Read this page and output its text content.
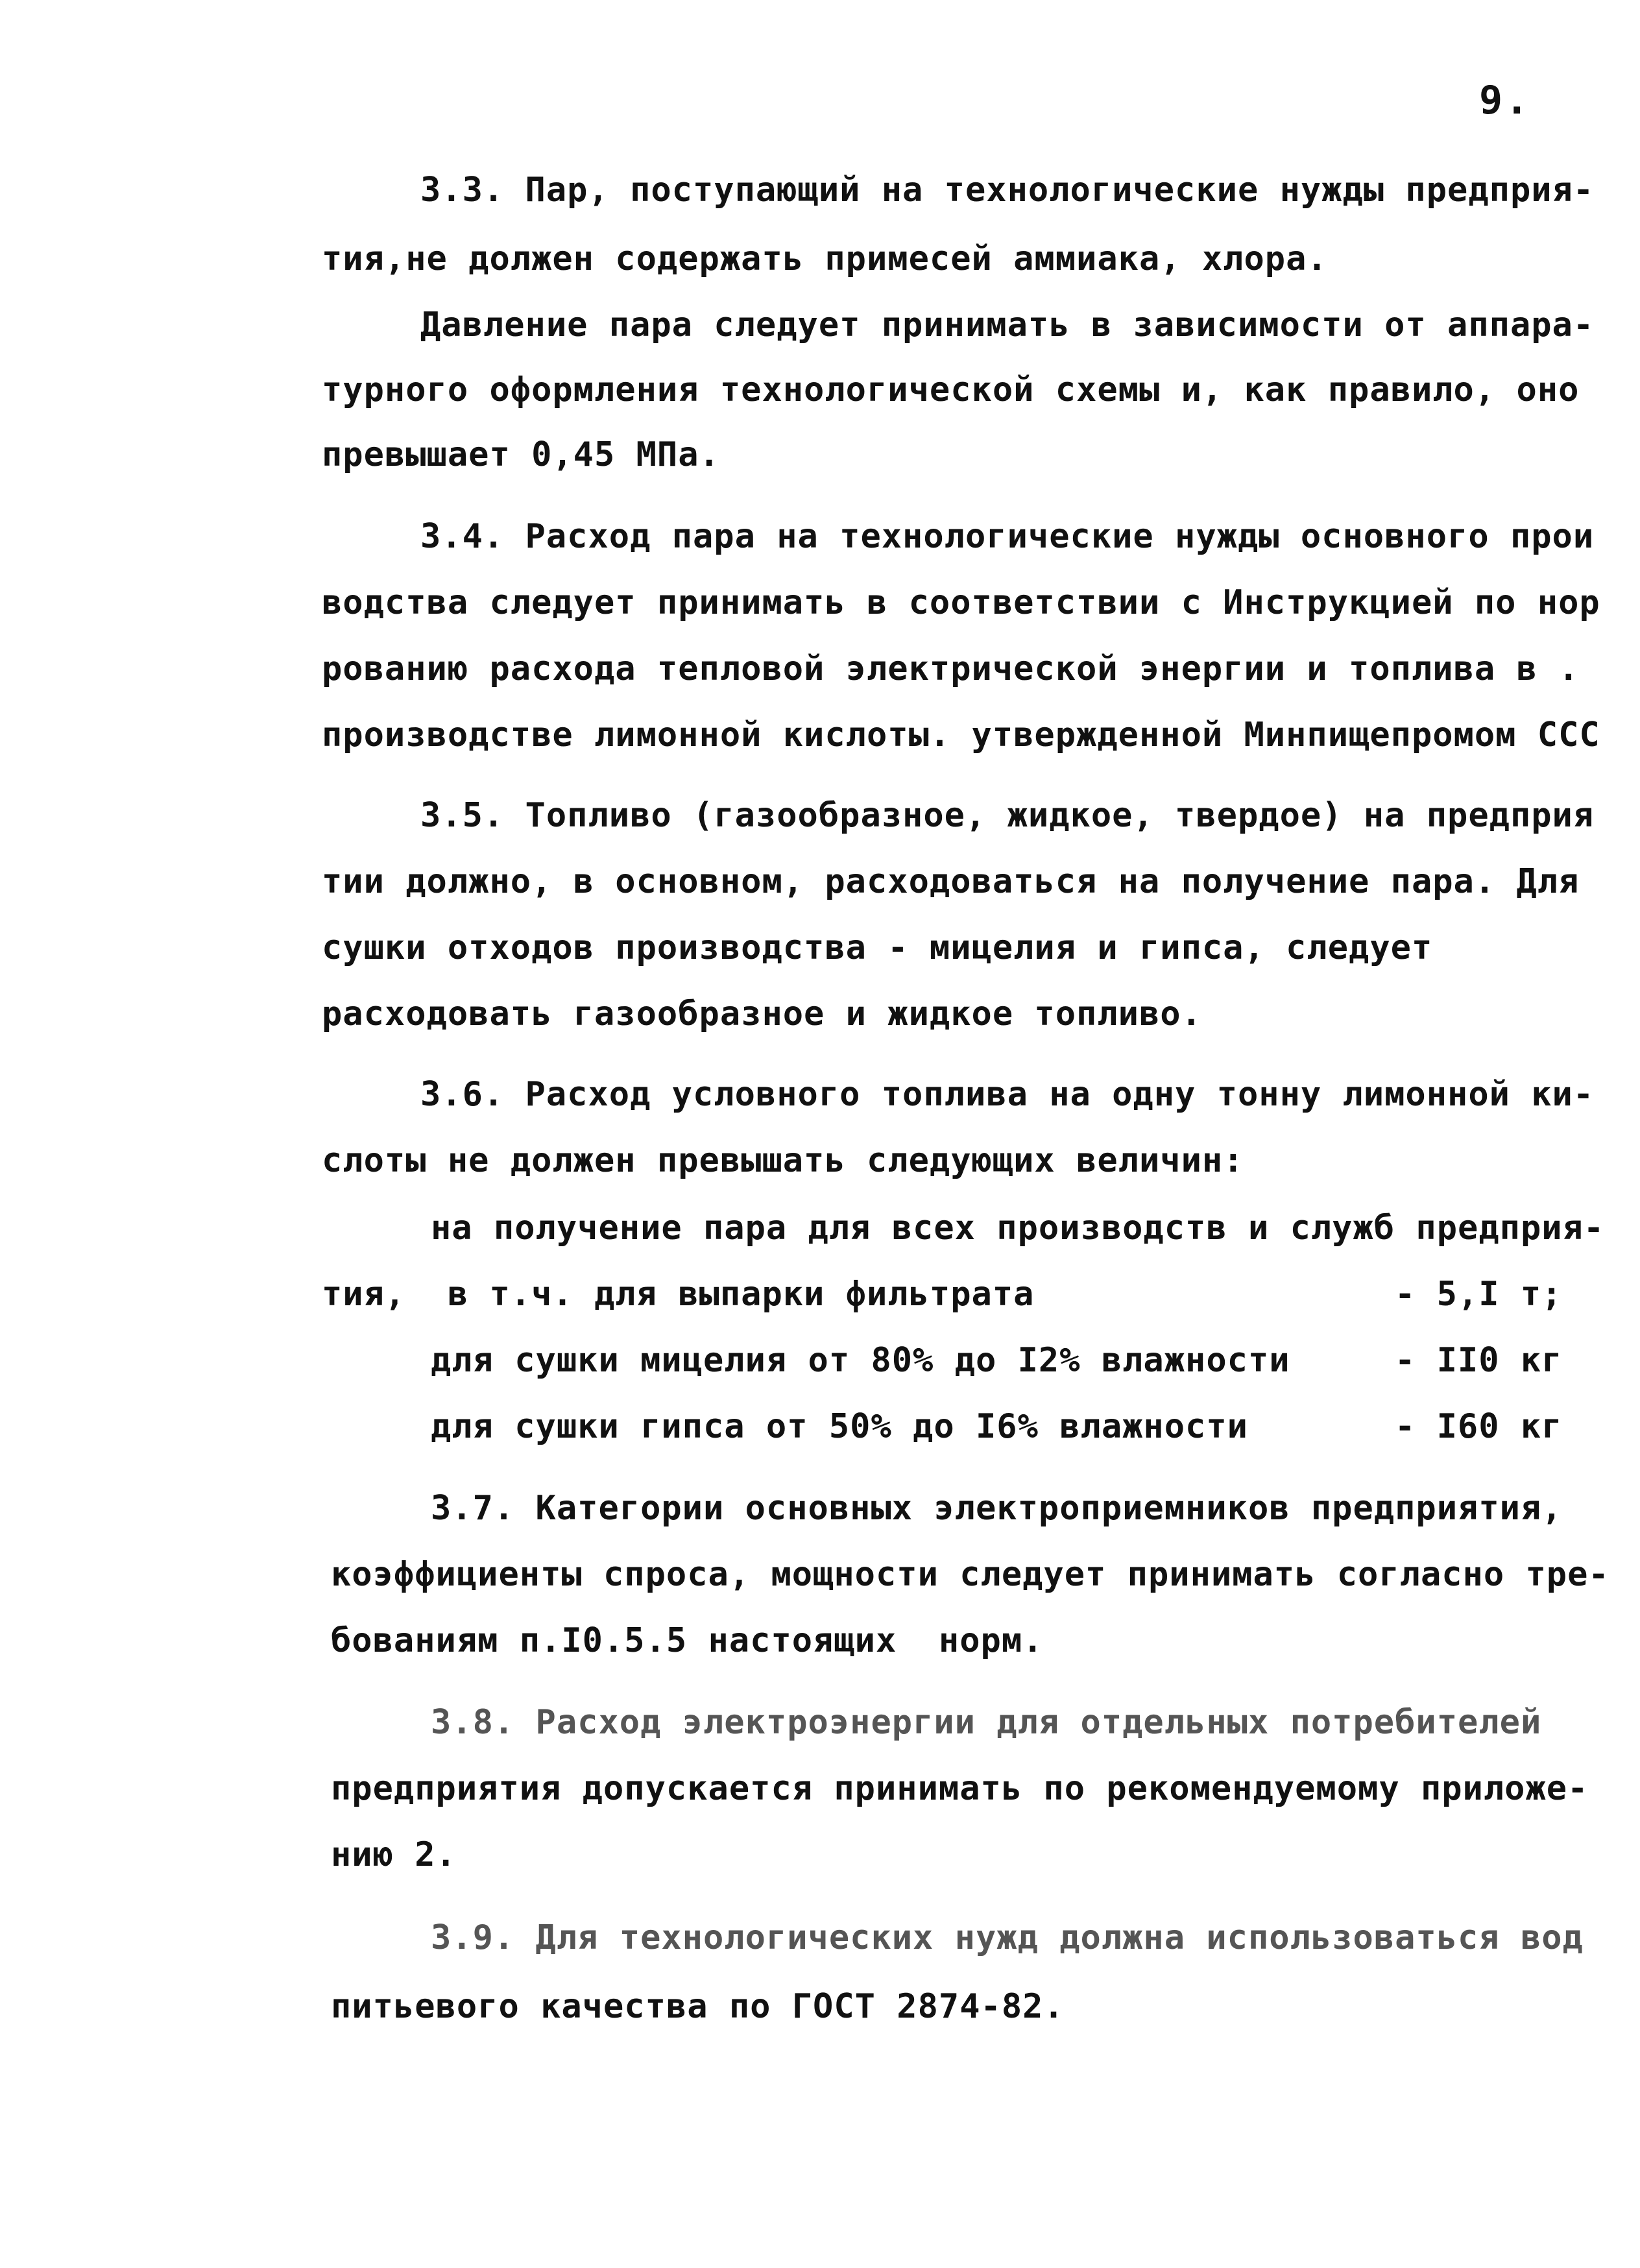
9.

3.3. Пар, поступающий на технологические нужды предприя-

тия,не должен содержать примесей аммиака, хлора.

Давление пара следует принимать в зависимости от аппара-

турного оформления технологической схемы и, как правило, оно

превышает 0,45 МПа.

3.4. Расход пара на технологические нужды основного прои

водства следует принимать в соответствии с Инструкцией по нор

рованию расхода тепловой электрической энергии и топлива в .

производстве лимонной кислоты. утвержденной Минпищепромом ССС

3.5. Топливо (газообразное, жидкое, твердое) на предприя

тии должно, в основном, расходоваться на получение пара. Для

сушки отходов производства - мицелия и гипса, следует

расходовать газообразное и жидкое топливо.

3.6. Расход условного топлива на одну тонну лимонной ки-

слоты не должен превышать следующих величин:

на получение пара для всех производств и служб предприя-

тия,  в т.ч. для выпарки фильтрата

	- 5,I т;

для сушки мицелия от 80% до I2% влажности

	- II0 кг

для сушки гипса от 50% до I6% влажности

	- I60 кг

3.7. Категории основных электроприемников предприятия,

коэффициенты спроса, мощности следует принимать согласно тре-

бованиям п.I0.5.5 настоящих  норм.

3.8. Расход электроэнергии для отдельных потребителей

предприятия допускается принимать по рекомендуемому приложе-

нию 2.

3.9. Для технологических нужд должна использоваться вод

питьевого качества по ГОСТ 2874-82.
